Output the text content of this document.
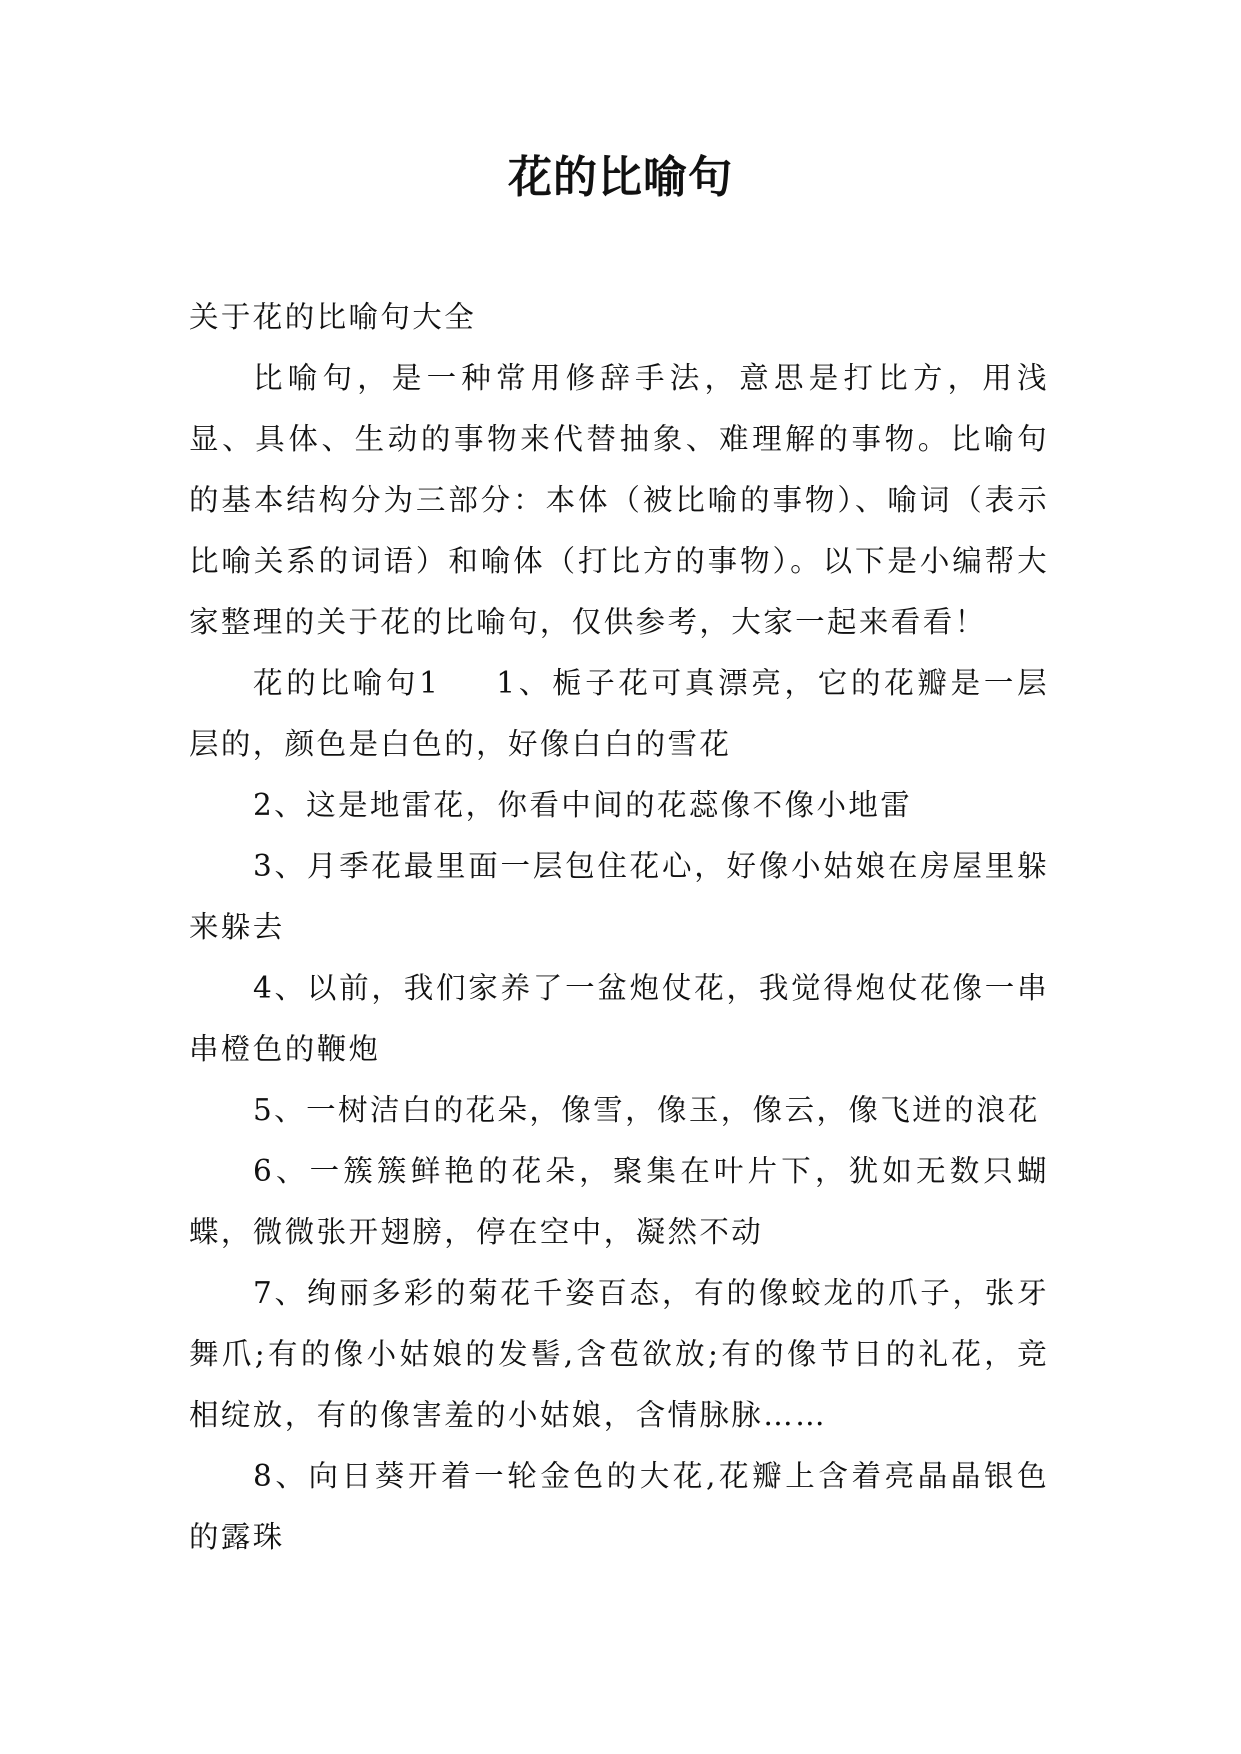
花的比喻句

关于花的比喻句大全

比喻句，是一种常用修辞手法，意思是打比方，用浅显、具体、生动的事物来代替抽象、难理解的事物。比喻句的基本结构分为三部分：本体（被比喻的事物）、喻词（表示比喻关系的词语）和喻体（打比方的事物）。以下是小编帮大家整理的关于花的比喻句，仅供参考，大家一起来看看！

花的比喻句1 1、栀子花可真漂亮，它的花瓣是一层层的，颜色是白色的，好像白白的雪花

2、这是地雷花，你看中间的花蕊像不像小地雷

3、月季花最里面一层包住花心，好像小姑娘在房屋里躲来躲去

4、以前，我们家养了一盆炮仗花，我觉得炮仗花像一串串橙色的鞭炮

5、一树洁白的花朵，像雪，像玉，像云，像飞迸的浪花

6、一簇簇鲜艳的花朵，聚集在叶片下，犹如无数只蝴蝶，微微张开翅膀，停在空中，凝然不动

7、绚丽多彩的菊花千姿百态，有的像蛟龙的爪子，张牙舞爪;有的像小姑娘的发髻,含苞欲放;有的像节日的礼花，竞相绽放，有的像害羞的小姑娘，含情脉脉……

8、向日葵开着一轮金色的大花,花瓣上含着亮晶晶银色的露珠
